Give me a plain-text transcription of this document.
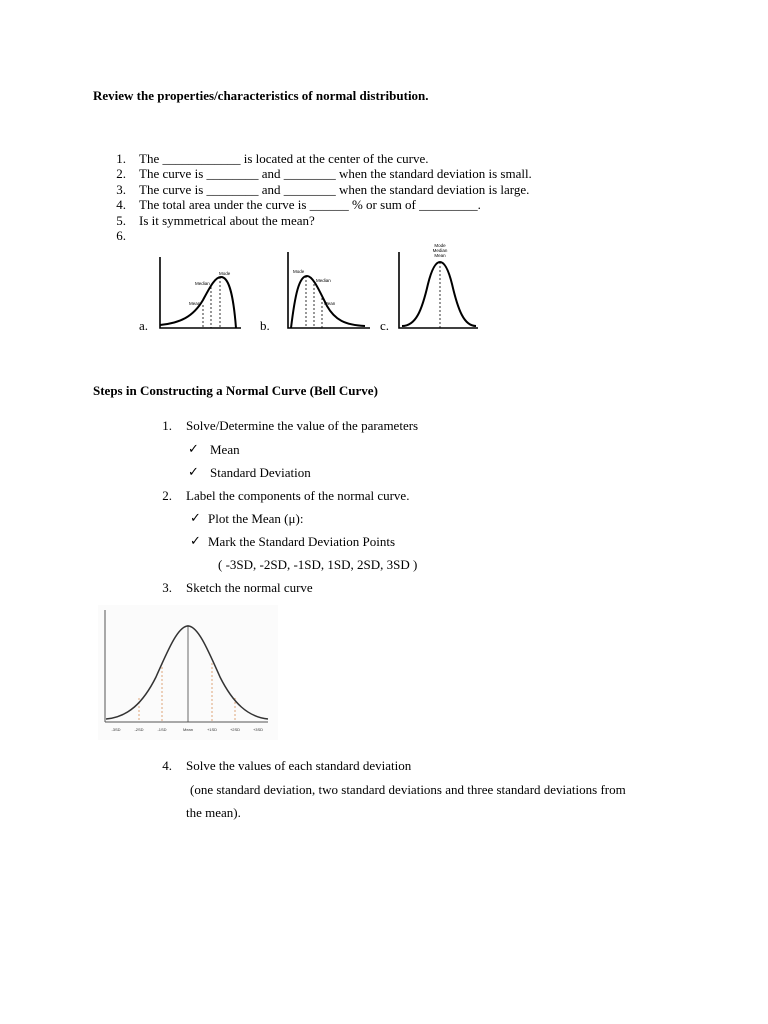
Review the properties/characteristics of normal distribution.
1. The ____________ is located at the center of the curve.
2. The curve is ________ and ________ when the standard deviation is small.
3. The curve is ________ and ________ when the standard deviation is large.
4. The total area under the curve is ______ % or sum of _________.
5. Is it symmetrical about the mean?
6.
a.	b.	c.
Mode
Median
Mean
Mode
Median
Mean
Mode
Median
Mean
Steps in Constructing a Normal Curve (Bell Curve)
1. Solve/Determine the value of the parameters
✓ Mean
✓ Standard Deviation
2. Label the components of the normal curve.
✓ Plot the Mean (μ):
✓ Mark the Standard Deviation Points
( -3SD, -2SD, -1SD, 1SD, 2SD, 3SD )
3. Sketch the normal curve
-3SD	-2SD	-1SD	Mean	+1SD	+2SD	+3SD
4. Solve the values of each standard deviation
(one standard deviation, two standard deviations and three standard deviations from
the mean).
